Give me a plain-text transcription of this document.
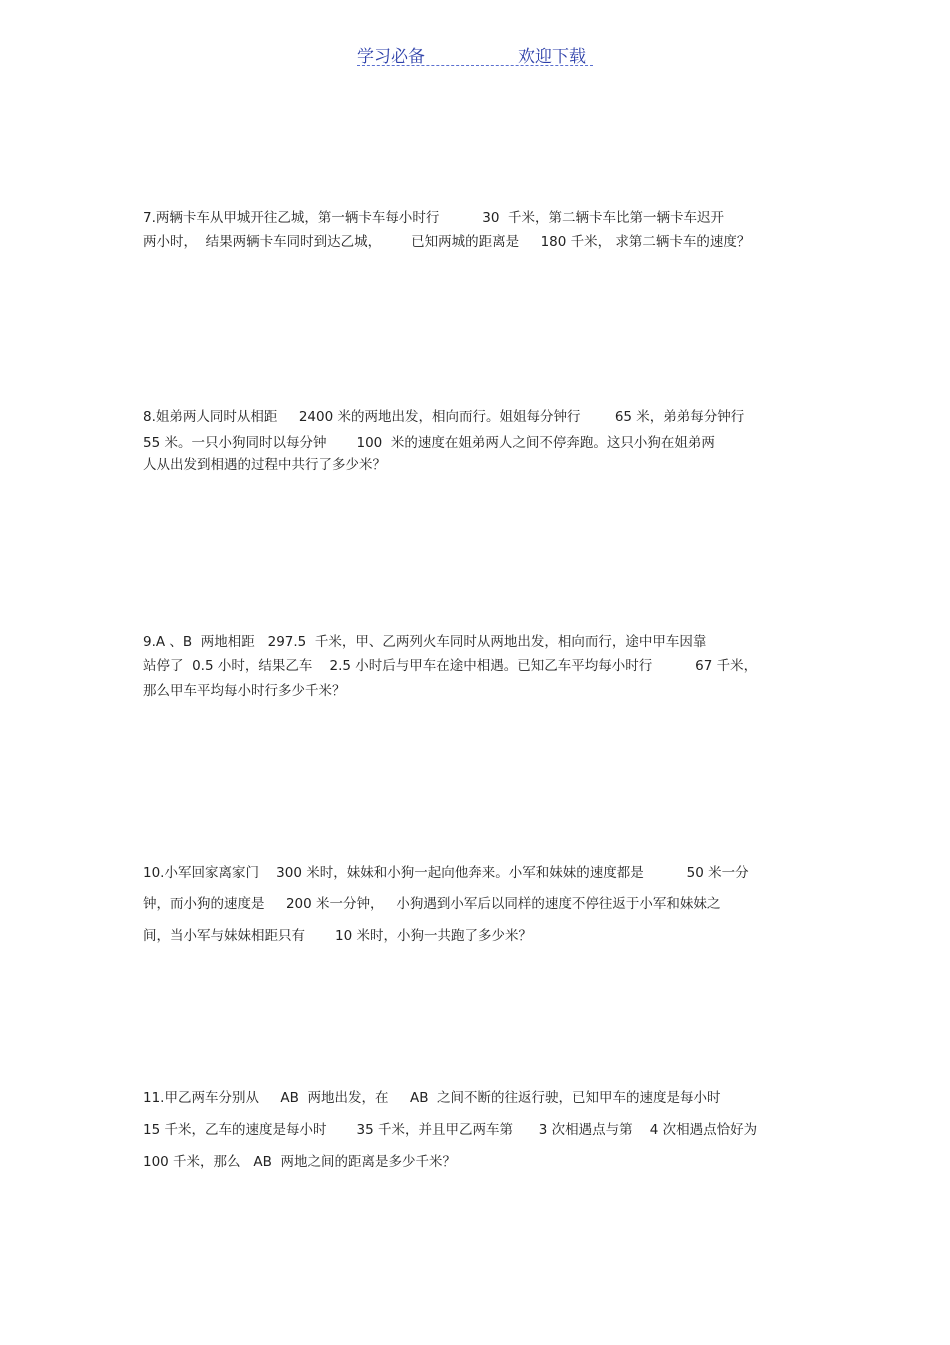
学习必备	欢迎下载
7.两辆卡车从甲城开往乙城，第一辆卡车每小时行          30  千米，第二辆卡车比第一辆卡车迟开
两小时，  结果两辆卡车同时到达乙城，       已知两城的距离是     180 千米， 求第二辆卡车的速度？
8.姐弟两人同时从相距     2400 米的两地出发，相向而行。姐姐每分钟行        65 米，弟弟每分钟行
55 米。一只小狗同时以每分钟       100  米的速度在姐弟两人之间不停奔跑。这只小狗在姐弟两
人从出发到相遇的过程中共行了多少米？
9.A 、B  两地相距   297.5  千米，甲、乙两列火车同时从两地出发，相向而行，途中甲车因靠
站停了  0.5 小时，结果乙车    2.5 小时后与甲车在途中相遇。已知乙车平均每小时行          67 千米，
那么甲车平均每小时行多少千米？
10.小军回家离家门    300 米时，妹妹和小狗一起向他奔来。小军和妹妹的速度都是          50 米一分
钟，而小狗的速度是     200 米一分钟，   小狗遇到小军后以同样的速度不停往返于小军和妹妹之
间，当小军与妹妹相距只有       10 米时，小狗一共跑了多少米？
11.甲乙两车分别从     AB  两地出发，在     AB  之间不断的往返行驶，已知甲车的速度是每小时
15 千米，乙车的速度是每小时       35 千米，并且甲乙两车第      3 次相遇点与第    4 次相遇点恰好为
100 千米，那么   AB  两地之间的距离是多少千米？
